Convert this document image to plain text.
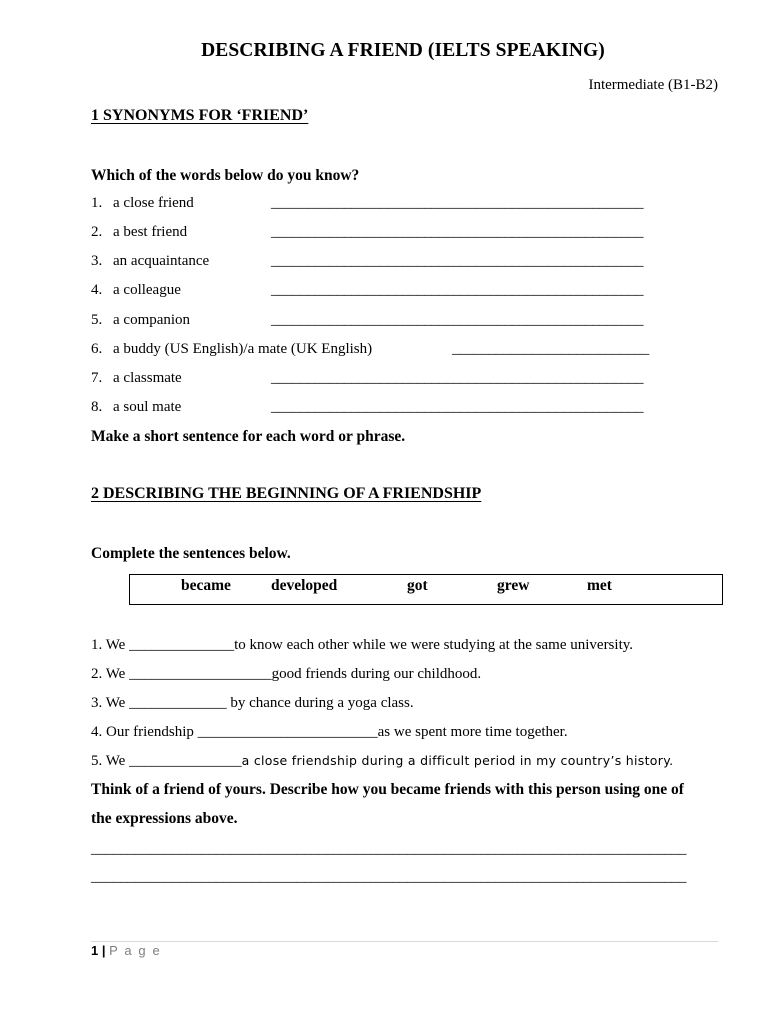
DESCRIBING A FRIEND (IELTS SPEAKING)
Intermediate (B1-B2)
1 SYNONYMS FOR ‘FRIEND’
Which of the words below do you know?
1. a close friend	___________________________________________________
2. a best friend	___________________________________________________
3. an acquaintance	___________________________________________________
4. a colleague	___________________________________________________
5. a companion	___________________________________________________
6. a buddy (US English)/a mate (UK English)	___________________________
7. a classmate	___________________________________________________
8. a soul mate	___________________________________________________
Make a short sentence for each word or phrase.
2 DESCRIBING THE BEGINNING OF A FRIENDSHIP
Complete the sentences below.
became	developed	got	grew	met
1. We ______________to know each other while we were studying at the same university.
2. We ___________________good friends during our childhood.
3. We _____________ by chance during a yoga class.
4. Our friendship ________________________as we spent more time together.
5. We _______________a close friendship during a difficult period in my country’s history.
Think of a friend of yours. Describe how you became friends with this person using one of
the expressions above.
_________________________________________________________________________________
_________________________________________________________________________________
1 | P a g e
